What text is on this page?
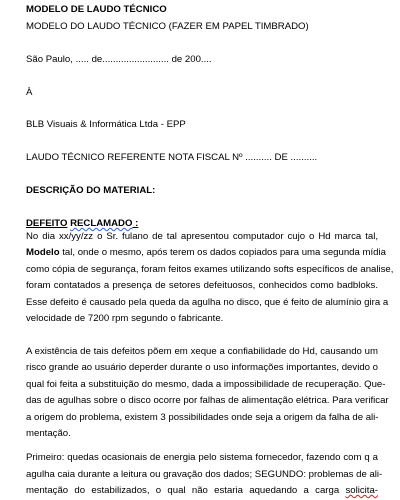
MODELO DE LAUDO TÉCNICO
MODELO DO LAUDO TÉCNICO (FAZER EM PAPEL TIMBRADO)
São Paulo, ..... de......................... de 200....
À
BLB Visuais & Informática Ltda - EPP
LAUDO TÉCNICO REFERENTE NOTA FISCAL Nº .......... DE ..........
DESCRIÇÃO DO MATERIAL:
DEFEITO RECLAMADO :
No dia xx/yy/zz o Sr. fulano de tal apresentou computador cujo o Hd marca tal,
Modelo tal, onde o mesmo, após terem os dados copiados para uma segunda mídia
como cópia de segurança, foram feitos exames utilizando softs específicos de analise,
foram contatados a presença de setores defeituosos, conhecidos como badbloks.
Esse defeito é causado pela queda da agulha no disco, que é feito de alumínio gira a
velocidade de 7200 rpm segundo o fabricante.
A existência de tais defeitos põem em xeque a confiabilidade do Hd, causando um
risco grande ao usuário deperder durante o uso informações importantes, devido o
qual foi feita a substituição do mesmo, dada a impossibilidade de recuperação. Que-
das de agulhas sobre o disco ocorre por falhas de alimentação elétrica. Para verificar
a origem do problema, existem 3 possibilidades onde seja a origem da falha de ali-
mentação.
Primeiro: quedas ocasionais de energia pelo sistema fornecedor, fazendo com q a
agulha caia durante a leitura ou gravação dos dados; SEGUNDO: problemas de ali-
mentação do estabilizados, o qual não estaria aquedando a carga solicita-
